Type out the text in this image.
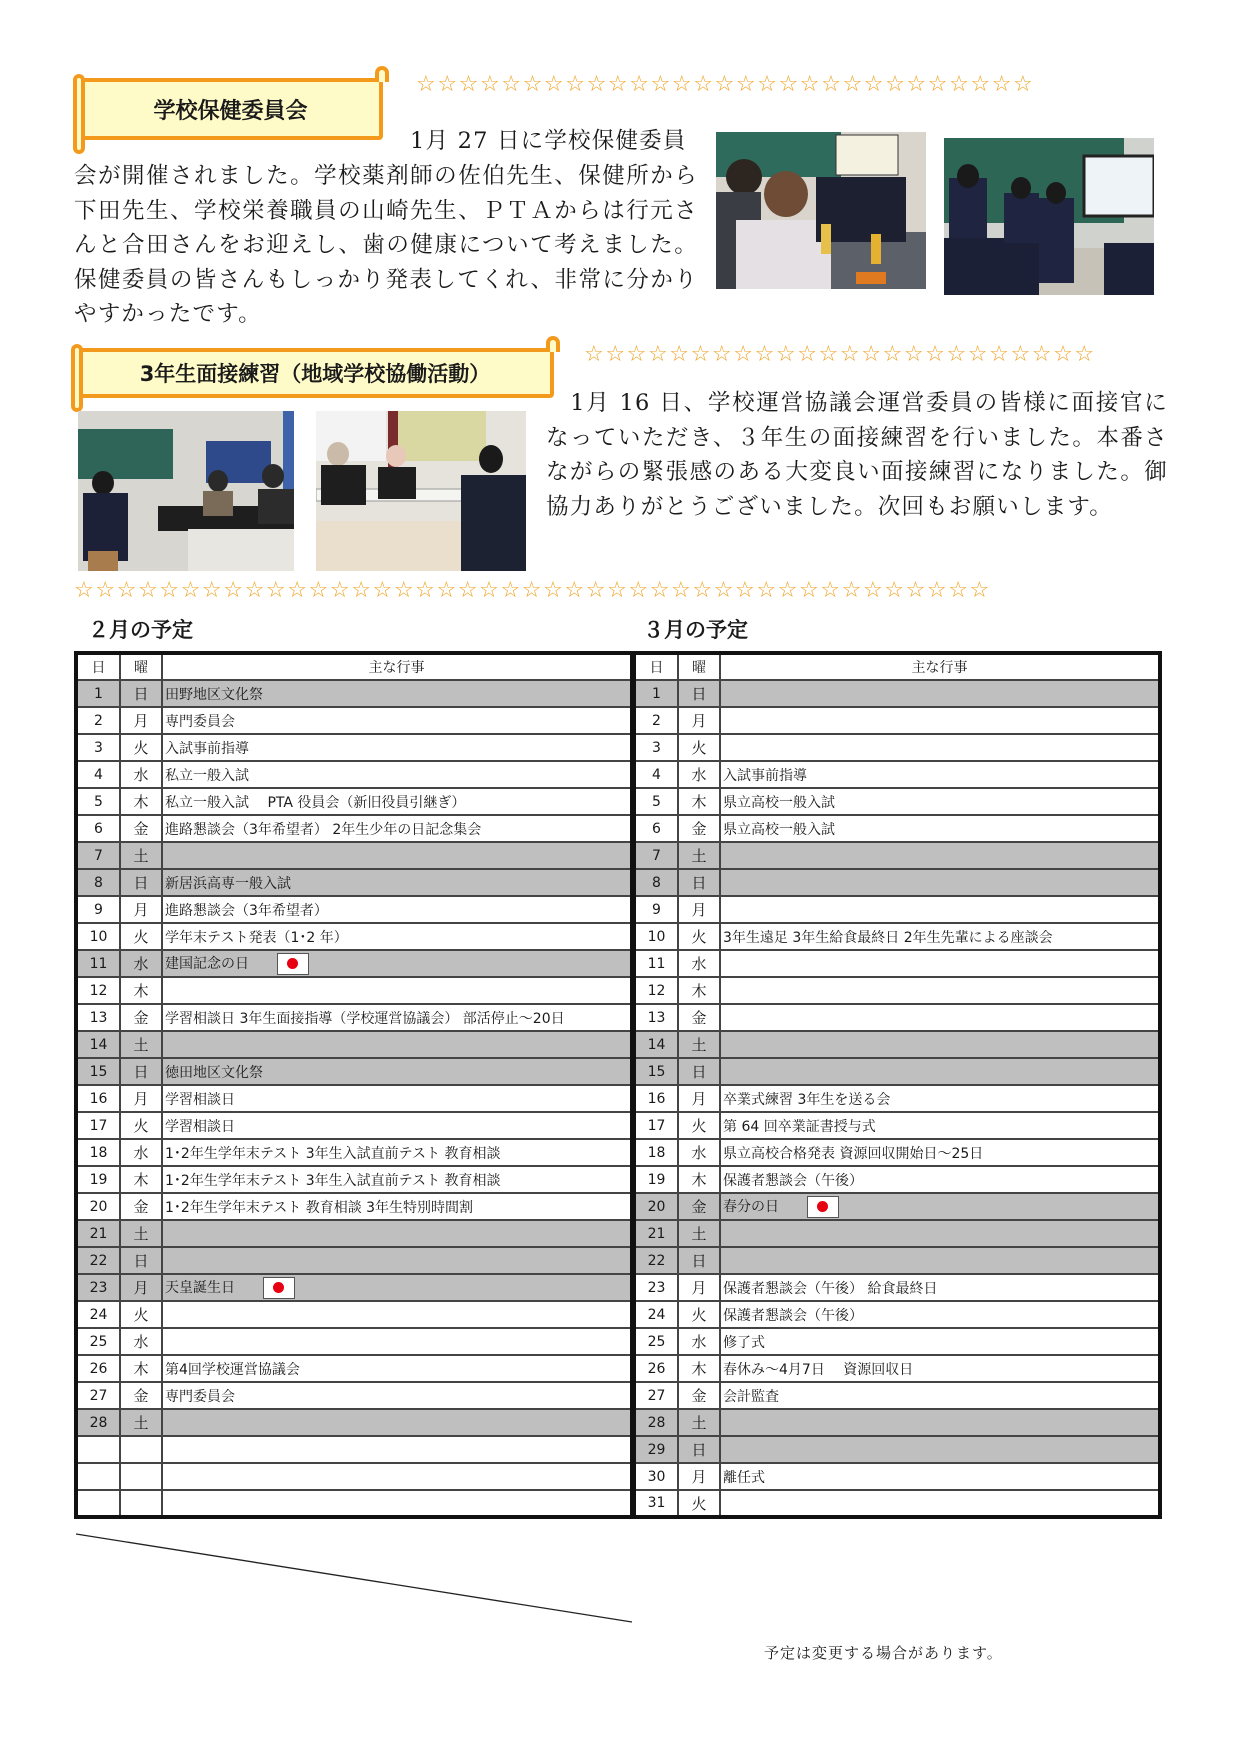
学校保健委員会
☆☆☆☆☆☆☆☆☆☆☆☆☆☆☆☆☆☆☆☆☆☆☆☆☆☆☆☆☆
1月 27 日に学校保健委員
会が開催されました。学校薬剤師の佐伯先生、保健所から下田先生、学校栄養職員の山崎先生、ＰＴＡからは行元さんと合田さんをお迎えし、歯の健康について考えました。保健委員の皆さんもしっかり発表してくれ、非常に分かりやすかったです。
3年生面接練習（地域学校協働活動）
☆☆☆☆☆☆☆☆☆☆☆☆☆☆☆☆☆☆☆☆☆☆☆☆
　1月 16 日、学校運営協議会運営委員の皆様に面接官になっていただき、３年生の面接練習を行いました。本番さながらの緊張感のある大変良い面接練習になりました。御協力ありがとうございました。次回もお願いします。
☆☆☆☆☆☆☆☆☆☆☆☆☆☆☆☆☆☆☆☆☆☆☆☆☆☆☆☆☆☆☆☆☆☆☆☆☆☆☆☆☆☆☆
２月の予定	３月の予定
日	曜	主な行事
1	日	田野地区文化祭
2	月	専門委員会
3	火	入試事前指導
4	水	私立一般入試
5	木	私立一般入試　 PTA 役員会（新旧役員引継ぎ）
6	金	進路懇談会（3年希望者） 2年生少年の日記念集会
7	土	
8	日	新居浜高専一般入試
9	月	進路懇談会（3年希望者）
10	火	学年末テスト発表（1･2 年）
11	水	建国記念の日
12	木	
13	金	学習相談日 3年生面接指導（学校運営協議会） 部活停止～20日
14	土	
15	日	徳田地区文化祭
16	月	学習相談日
17	火	学習相談日
18	水	1･2年生学年末テスト 3年生入試直前テスト 教育相談
19	木	1･2年生学年末テスト 3年生入試直前テスト 教育相談
20	金	1･2年生学年末テスト 教育相談 3年生特別時間割
21	土	
22	日	
23	月	天皇誕生日
24	火	
25	水	
26	木	第4回学校運営協議会
27	金	専門委員会
28	土	

日	曜	主な行事
1	日	
2	月	
3	火	
4	水	入試事前指導
5	木	県立高校一般入試
6	金	県立高校一般入試
7	土	
8	日	
9	月	
10	火	3年生遠足 3年生給食最終日 2年生先輩による座談会
11	水	
12	木	
13	金	
14	土	
15	日	
16	月	卒業式練習 3年生を送る会
17	火	第 64 回卒業証書授与式
18	水	県立高校合格発表 資源回収開始日～25日
19	木	保護者懇談会（午後）
20	金	春分の日
21	土	
22	日	
23	月	保護者懇談会（午後） 給食最終日
24	火	保護者懇談会（午後）
25	水	修了式
26	木	春休み～4月7日　 資源回収日
27	金	会計監査
28	土	
29	日	
30	月	離任式
31	火	
予定は変更する場合があります。
